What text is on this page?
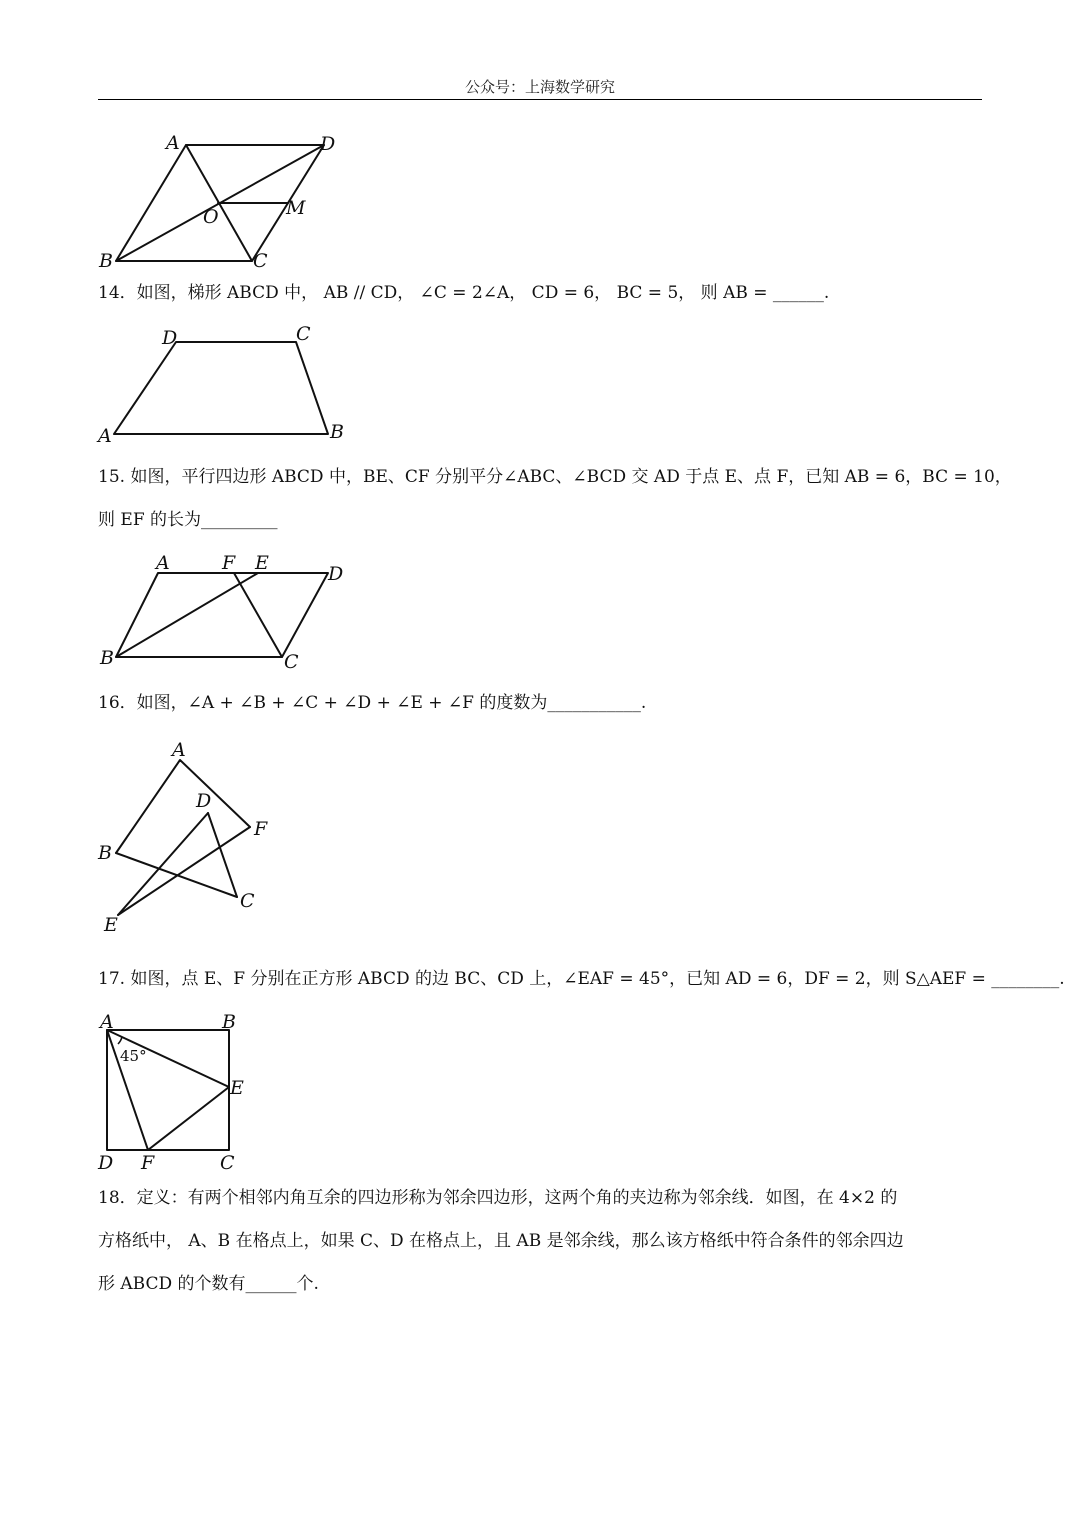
公众号：上海数学研究
A	D
O	M
B	C
14．如图，梯形 ABCD 中， AB // CD， ∠C = 2∠A， CD = 6， BC = 5， 则 AB = ______.
D	C
A	B
15. 如图，平行四边形 ABCD 中，BE、CF 分别平分∠ABC、∠BCD 交 AD 于点 E、点 F，已知 AB = 6，BC = 10，
则 EF 的长为_________
A	F E	D
B	C
16．如图，∠A + ∠B + ∠C + ∠D + ∠E + ∠F 的度数为___________.
A
D
F
B
C
E
17. 如图，点 E、F 分别在正方形 ABCD 的边 BC、CD 上，∠EAF = 45°，已知 AD = 6，DF = 2，则 S△AEF = ________.
A	B
E
D F	C
45°
18．定义：有两个相邻内角互余的四边形称为邻余四边形，这两个角的夹边称为邻余线．如图，在 4×2 的
方格纸中， A、B 在格点上，如果 C、D 在格点上，且 AB 是邻余线，那么该方格纸中符合条件的邻余四边
形 ABCD 的个数有______个.
